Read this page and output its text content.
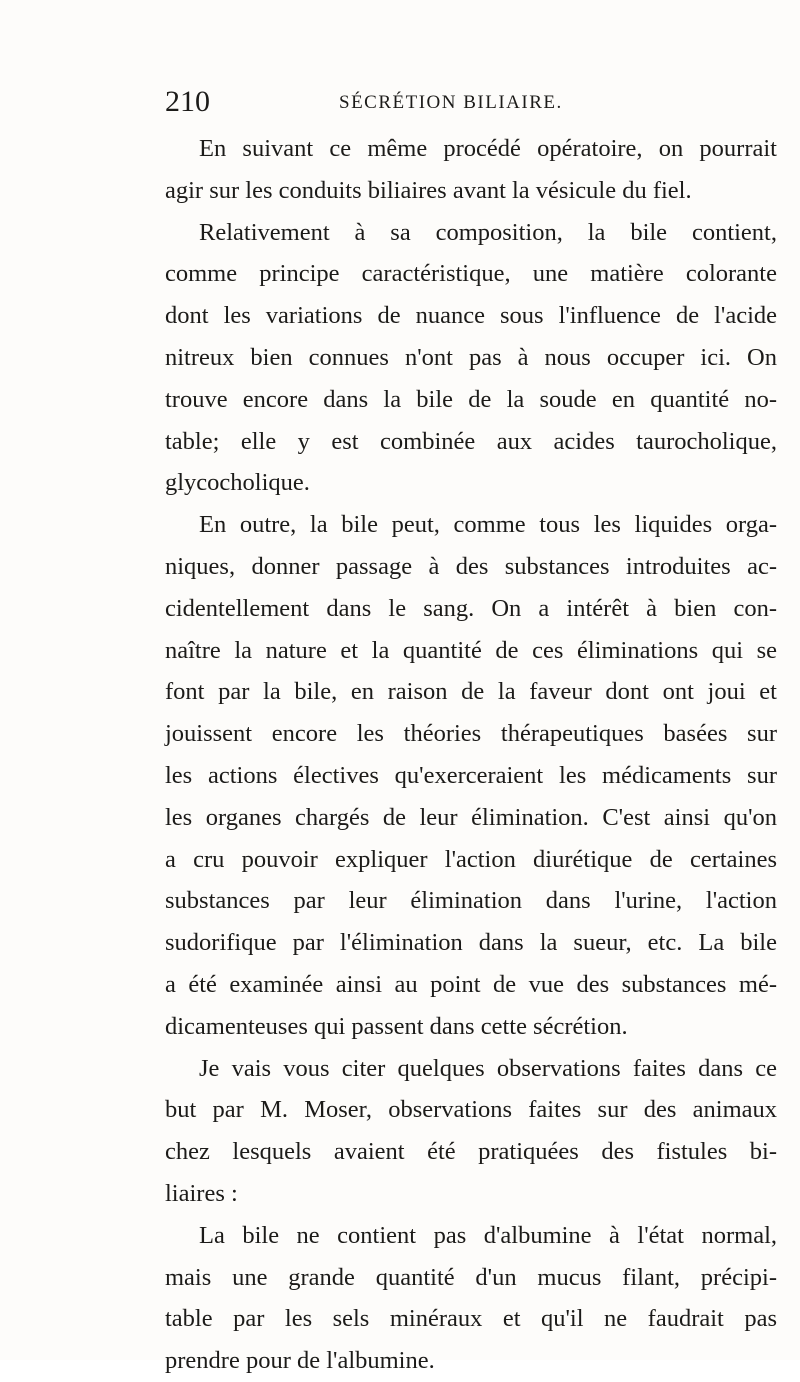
210	SÉCRÉTION BILIAIRE.
En suivant ce même procédé opératoire, on pourrait
agir sur les conduits biliaires avant la vésicule du fiel.
Relativement à sa composition, la bile contient,
comme principe caractéristique, une matière colorante
dont les variations de nuance sous l'influence de l'acide
nitreux bien connues n'ont pas à nous occuper ici. On
trouve encore dans la bile de la soude en quantité no-
table; elle y est combinée aux acides taurocholique,
glycocholique.
En outre, la bile peut, comme tous les liquides orga-
niques, donner passage à des substances introduites ac-
cidentellement dans le sang. On a intérêt à bien con-
naître la nature et la quantité de ces éliminations qui se
font par la bile, en raison de la faveur dont ont joui et
jouissent encore les théories thérapeutiques basées sur
les actions électives qu'exerceraient les médicaments sur
les organes chargés de leur élimination. C'est ainsi qu'on
a cru pouvoir expliquer l'action diurétique de certaines
substances par leur élimination dans l'urine, l'action
sudorifique par l'élimination dans la sueur, etc. La bile
a été examinée ainsi au point de vue des substances mé-
dicamenteuses qui passent dans cette sécrétion.
Je vais vous citer quelques observations faites dans ce
but par M. Moser, observations faites sur des animaux
chez lesquels avaient été pratiquées des fistules bi-
liaires :
La bile ne contient pas d'albumine à l'état normal,
mais une grande quantité d'un mucus filant, précipi-
table par les sels minéraux et qu'il ne faudrait pas
prendre pour de l'albumine.
